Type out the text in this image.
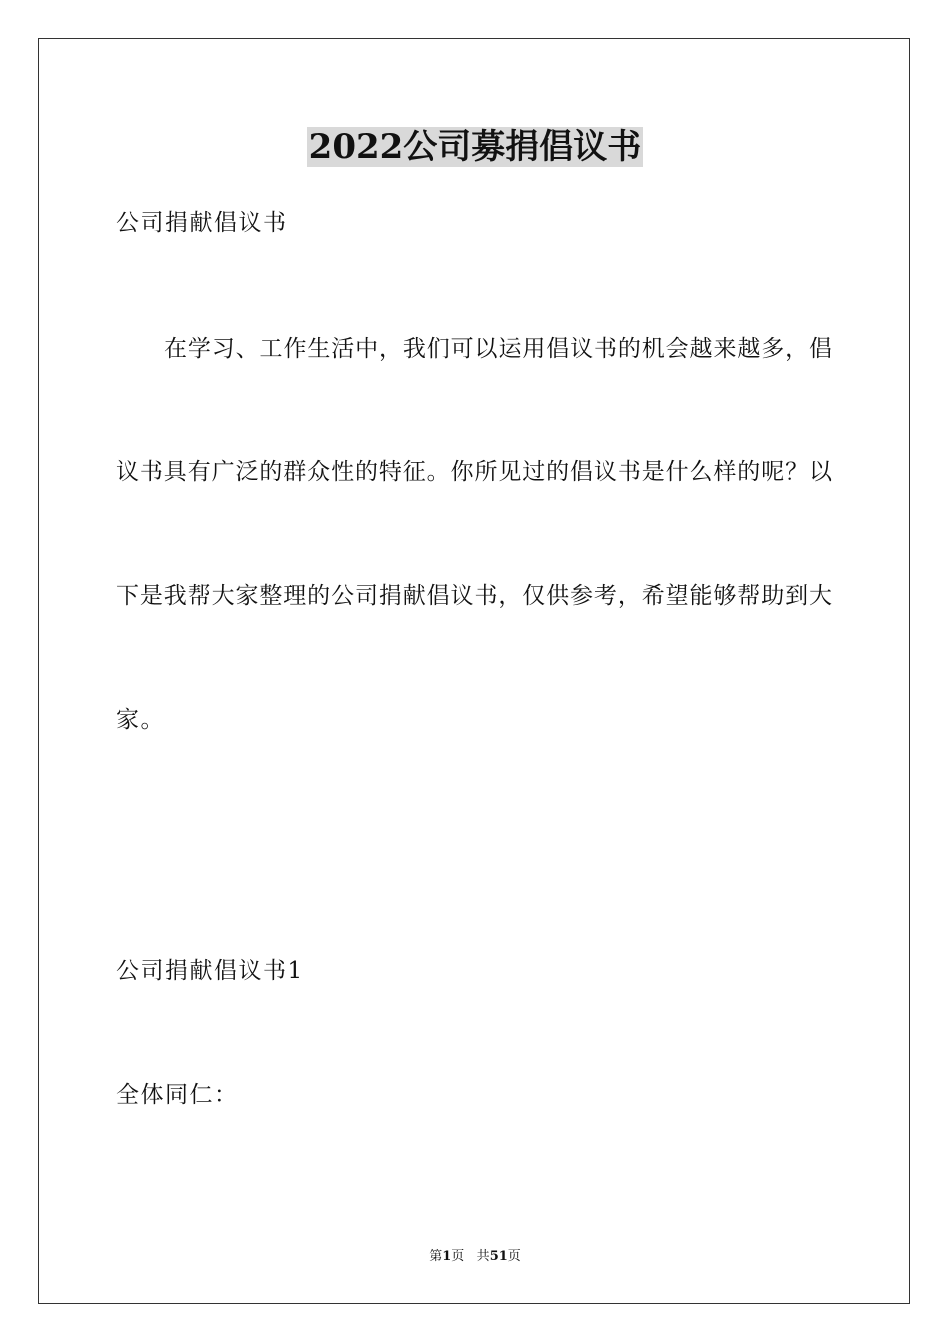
2022公司募捐倡议书

公司捐献倡议书

在学习、工作生活中，我们可以运用倡议书的机会越来越多，倡

议书具有广泛的群众性的特征。你所见过的倡议书是什么样的呢？以

下是我帮大家整理的公司捐献倡议书，仅供参考，希望能够帮助到大

家。

公司捐献倡议书1

全体同仁：

第1页 共51页
